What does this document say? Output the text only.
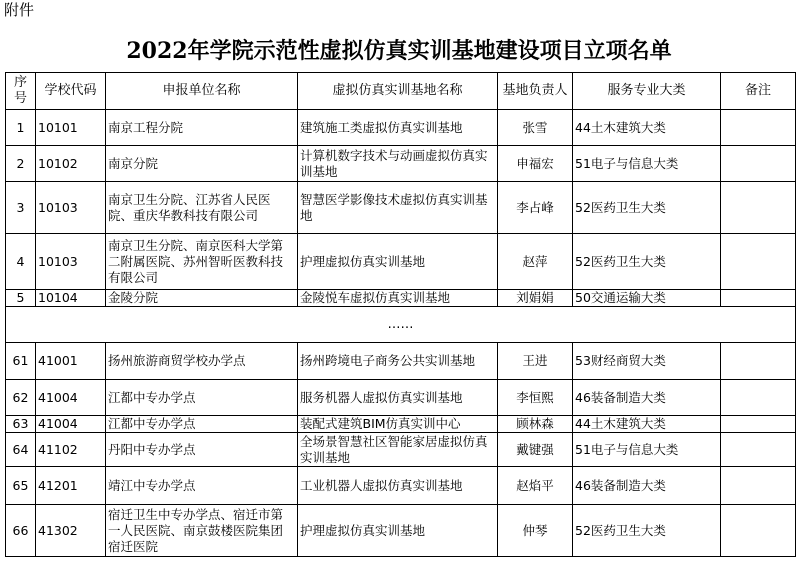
附件
2022年学院示范性虚拟仿真实训基地建设项目立项名单
序号	学校代码	申报单位名称	虚拟仿真实训基地名称	基地负责人	服务专业大类	备注
1	10101	南京工程分院	建筑施工类虚拟仿真实训基地	张雪	44土木建筑大类	
2	10102	南京分院	计算机数字技术与动画虚拟仿真实训基地	申福宏	51电子与信息大类	
3	10103	南京卫生分院、江苏省人民医院、重庆华教科技有限公司	智慧医学影像技术虚拟仿真实训基地	李占峰	52医药卫生大类	
4	10103	南京卫生分院、南京医科大学第二附属医院、苏州智昕医教科技有限公司	护理虚拟仿真实训基地	赵萍	52医药卫生大类	
5	10104	金陵分院	金陵悦车虚拟仿真实训基地	刘娟娟	50交通运输大类	
……						
61	41001	扬州旅游商贸学校办学点	扬州跨境电子商务公共实训基地	王进	53财经商贸大类	
62	41004	江都中专办学点	服务机器人虚拟仿真实训基地	李恒熙	46装备制造大类	
63	41004	江都中专办学点	装配式建筑BIM仿真实训中心	顾林森	44土木建筑大类	
64	41102	丹阳中专办学点	全场景智慧社区智能家居虚拟仿真实训基地	戴键强	51电子与信息大类	
65	41201	靖江中专办学点	工业机器人虚拟仿真实训基地	赵焰平	46装备制造大类	
66	41302	宿迁卫生中专办学点、宿迁市第一人民医院、南京鼓楼医院集团宿迁医院	护理虚拟仿真实训基地	仲琴	52医药卫生大类	
